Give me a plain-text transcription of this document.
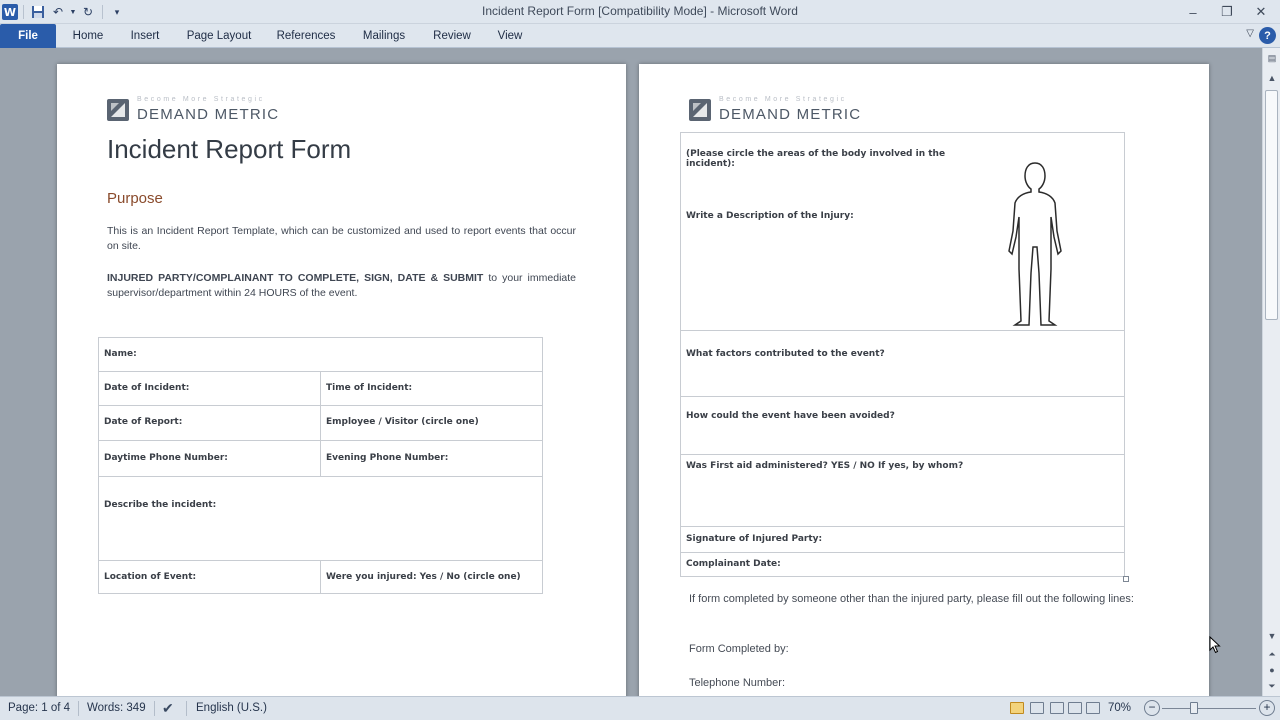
W	↶ ▼ ↻	▾	Incident Report Form [Compatibility Mode] - Microsoft Word	–	❐	✕
File	Home	Insert	Page Layout	References	Mailings	Review	View	▽ ?
Become More Strategic
DEMAND METRIC
Incident Report Form
Purpose
This is an Incident Report Template, which can be customized and used to report events that occur on site.
INJURED PARTY/COMPLAINANT TO COMPLETE, SIGN, DATE & SUBMIT to your immediate supervisor/department within 24 HOURS of the event.
Name:	
Date of Incident:	Time of Incident:
Date of Report:	Employee / Visitor (circle one)
Daytime Phone Number:	Evening Phone Number:
Describe the incident:	
Location of Event:	Were you injured: Yes / No (circle one)
Become More Strategic
DEMAND METRIC
(Please circle the areas of the body involved in the incident):
Write a Description of the Injury:

What factors contributed to the event?
How could the event have been avoided?
Was First aid administered? YES / NO If yes, by whom?
Signature of Injured Party:
Complainant Date:
If form completed by someone other than the injured party, please fill out the following lines:
Form Completed by:
Telephone Number:
▤
▲
▼
⏶
●
⏷
Page: 1 of 4 Words: 349 ✔ English (U.S.)	70%	−	+
